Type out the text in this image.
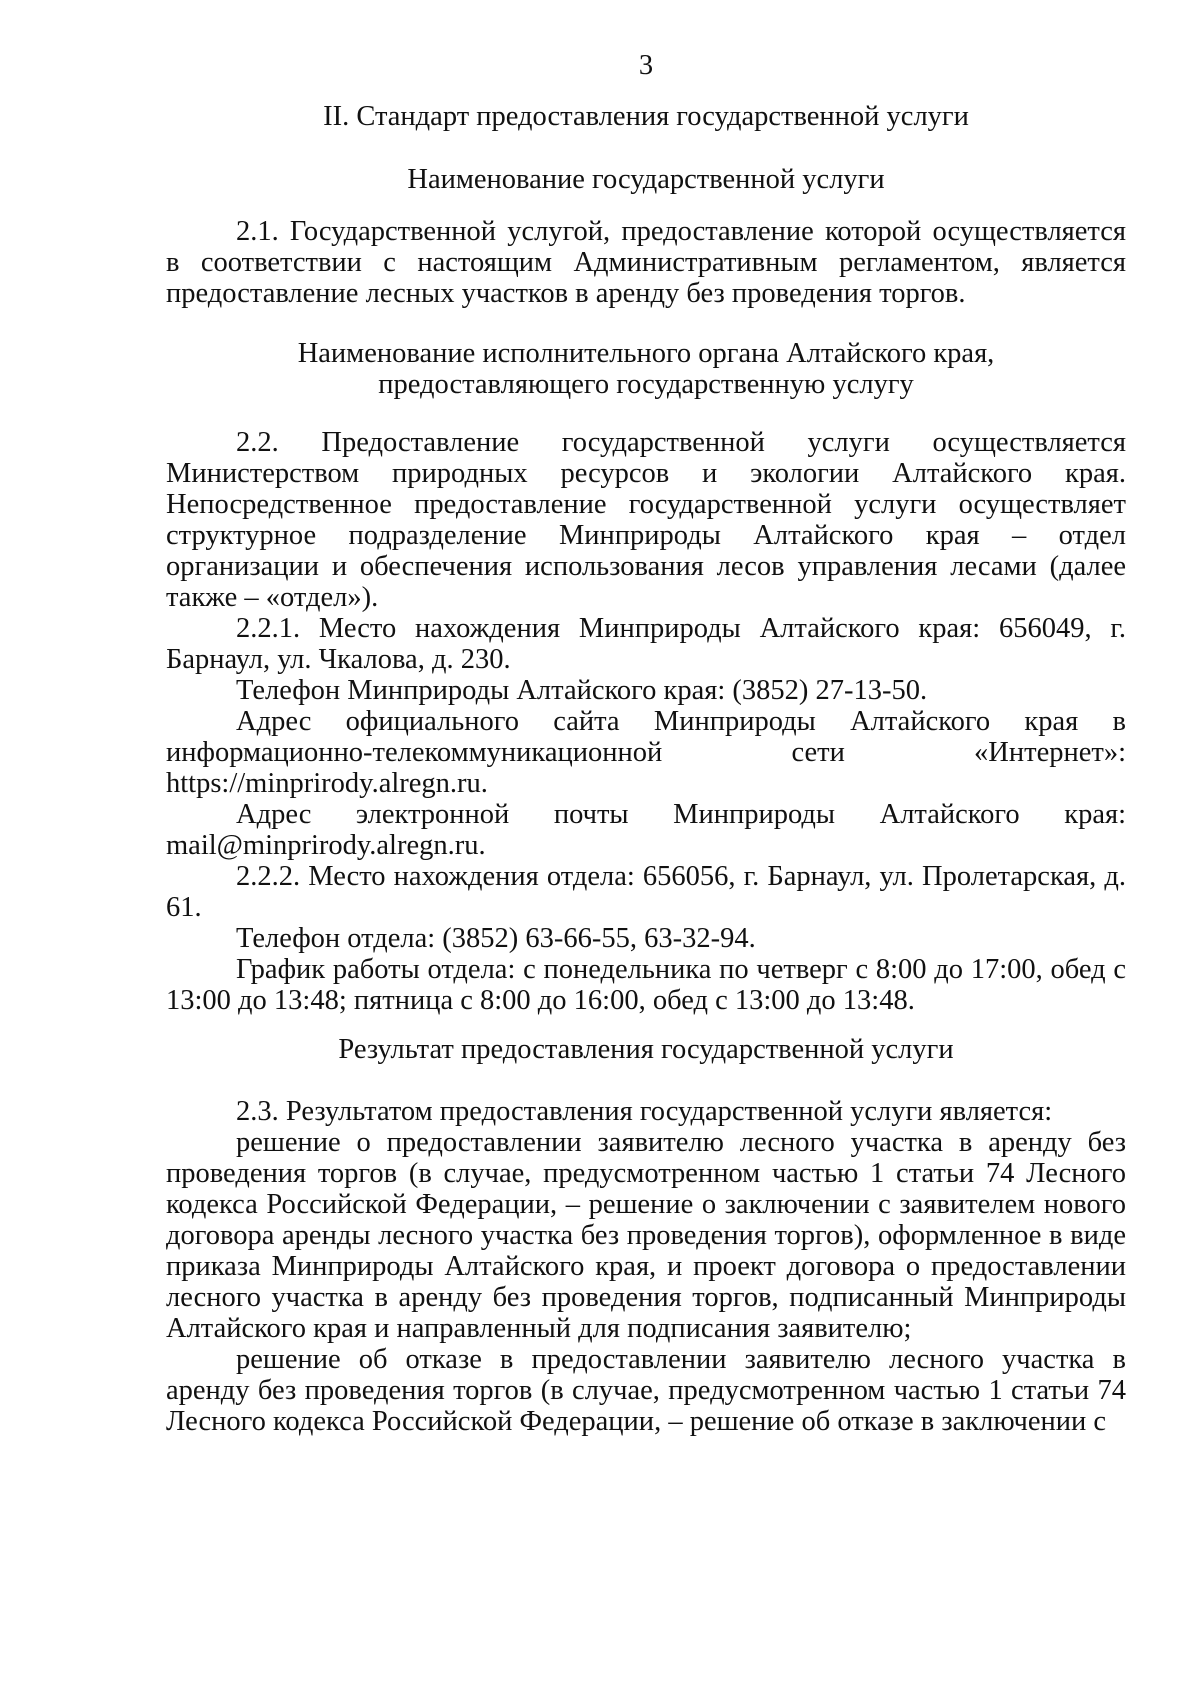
3
II. Стандарт предоставления государственной услуги
Наименование государственной услуги

2.1. Государственной услугой, предоставление которой осуществляется в соответствии с настоящим Административным регламентом, является предоставление лесных участков в аренду без проведения торгов.

Наименование исполнительного органа Алтайского края,
предоставляющего государственную услугу

2.2. Предоставление государственной услуги осуществляется Министерством природных ресурсов и экологии Алтайского края. Непосредственное предоставление государственной услуги осуществляет структурное подразделение Минприроды Алтайского края – отдел организации и обеспечения использования лесов управления лесами (далее также – «отдел»).

2.2.1. Место нахождения Минприроды Алтайского края: 656049, г. Барнаул, ул. Чкалова, д. 230.

Телефон Минприроды Алтайского края: (3852) 27-13-50.

Адрес официального сайта Минприроды Алтайского края в информационно-телекоммуникационной сети «Интернет»: https://minprirody.alregn.ru.

Адрес электронной почты Минприроды Алтайского края: mail@minprirody.alregn.ru.

2.2.2. Место нахождения отдела: 656056, г. Барнаул, ул. Пролетарская, д. 61.

Телефон отдела: (3852) 63-66-55, 63-32-94.

График работы отдела: с понедельника по четверг с 8:00 до 17:00, обед с 13:00 до 13:48; пятница с 8:00 до 16:00, обед с 13:00 до 13:48.

Результат предоставления государственной услуги

2.3. Результатом предоставления государственной услуги является:

решение о предоставлении заявителю лесного участка в аренду без проведения торгов (в случае, предусмотренном частью 1 статьи 74 Лесного кодекса Российской Федерации, – решение о заключении с заявителем нового договора аренды лесного участка без проведения торгов), оформленное в виде приказа Минприроды Алтайского края, и проект договора о предоставлении лесного участка в аренду без проведения торгов, подписанный Минприроды Алтайского края и направленный для подписания заявителю;

решение об отказе в предоставлении заявителю лесного участка в аренду без проведения торгов (в случае, предусмотренном частью 1 статьи 74 Лесного кодекса Российской Федерации, – решение об отказе в заключении с
